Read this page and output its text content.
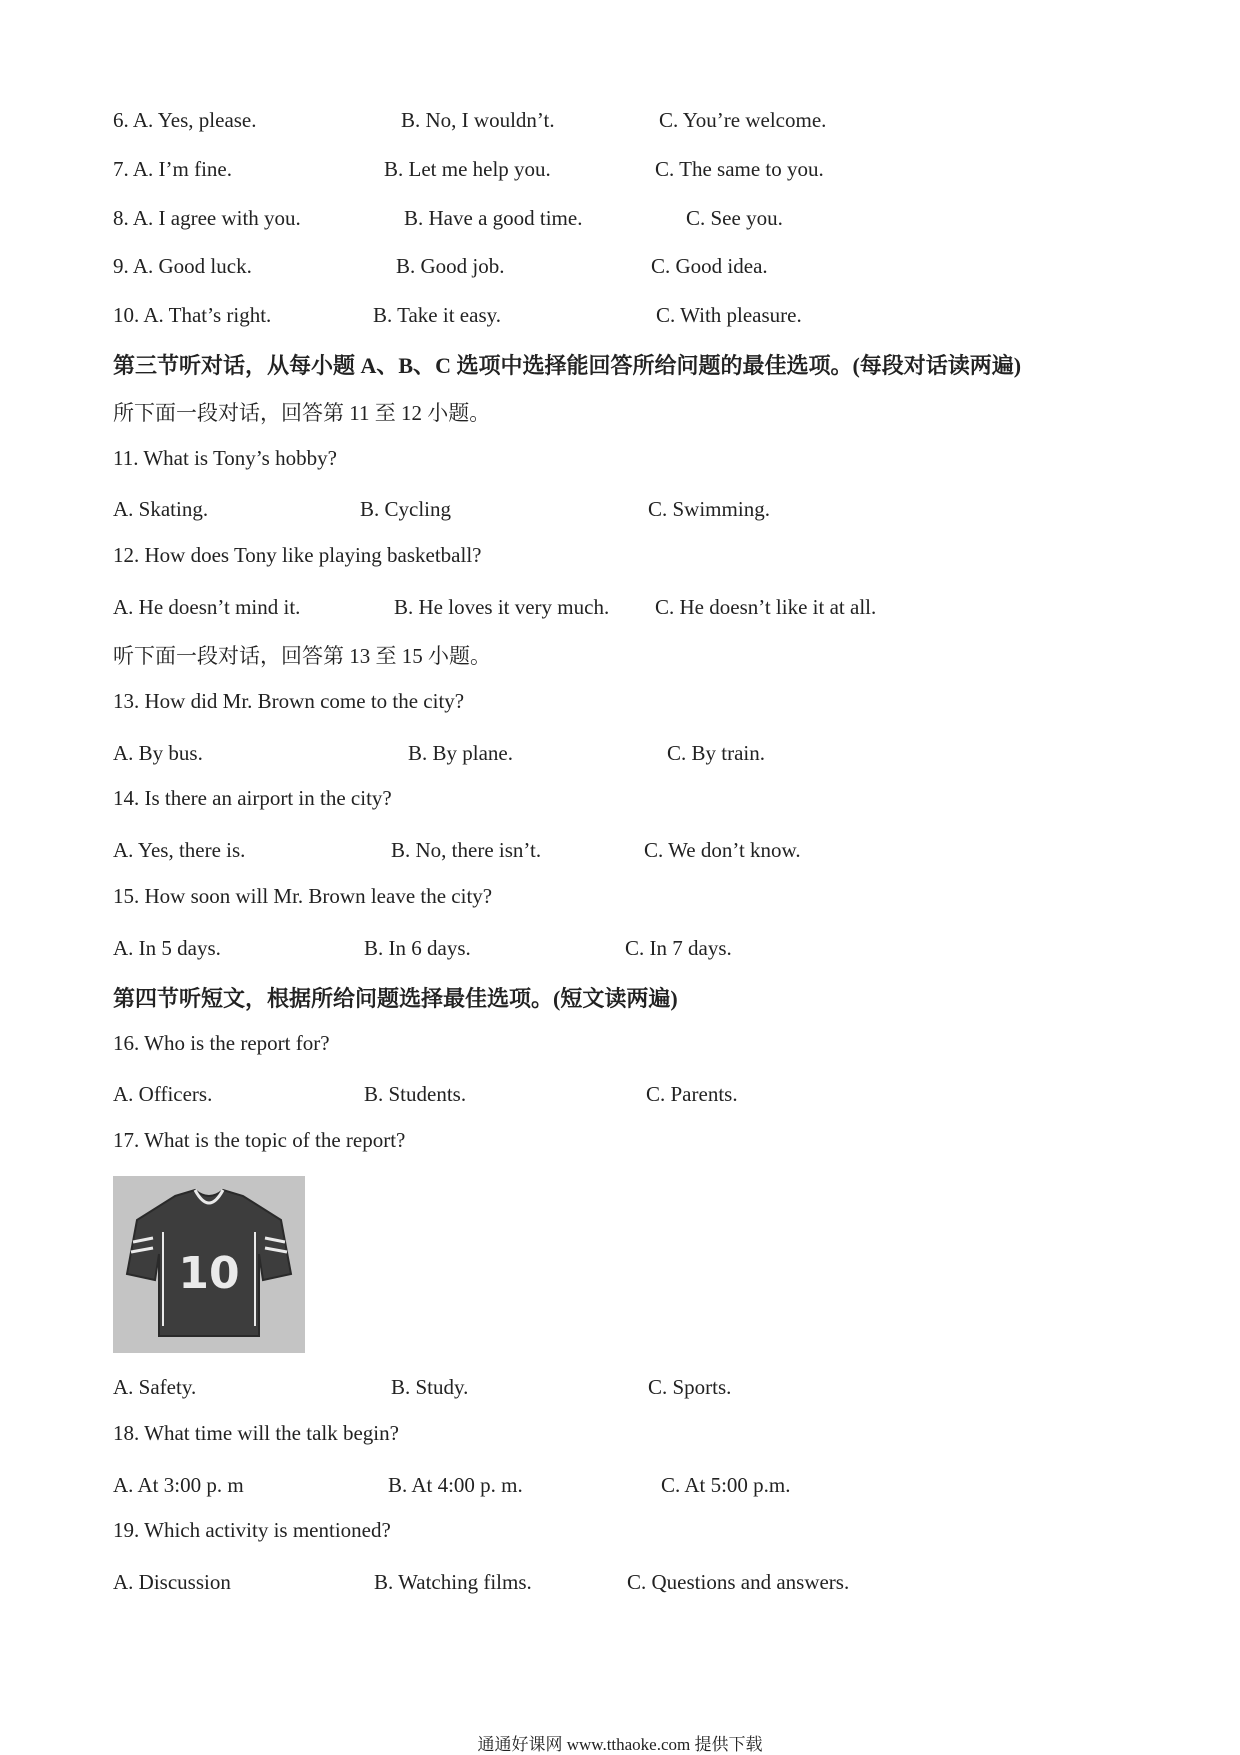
6. A. Yes, please.	B. No, I wouldn’t.	C. You’re welcome.
7. A. I’m fine.	B. Let me help you.	C. The same to you.
8. A. I agree with you.	B. Have a good time.	C. See you.
9. A. Good luck.	B. Good job.	C. Good idea.
10. A. That’s right.	B. Take it easy.	C. With pleasure.
第三节听对话，从每小题 A、B、C 选项中选择能回答所给问题的最佳选项。(每段对话读两遍)
所下面一段对话，回答第 11 至 12 小题。
11. What is Tony’s hobby?
A. Skating.	B. Cycling	C. Swimming.
12. How does Tony like playing basketball?
A. He doesn’t mind it.	B. He loves it very much. C. He doesn’t like it at all.
听下面一段对话，回答第 13 至 15 小题。
13. How did Mr. Brown come to the city?
A. By bus.	B. By plane.	C. By train.
14. Is there an airport in the city?
A. Yes, there is.	B. No, there isn’t.	C. We don’t know.
15. How soon will Mr. Brown leave the city?
A. In 5 days.	B. In 6 days.	C. In 7 days.
第四节听短文，根据所给问题选择最佳选项。(短文读两遍)
16. Who is the report for?
A. Officers.	B. Students.	C. Parents.
17. What is the topic of the report?
10
A. Safety.	B. Study.	C. Sports.
18. What time will the talk begin?
A. At 3:00 p. m	B. At 4:00 p. m.	C. At 5:00 p.m.
19. Which activity is mentioned?
A. Discussion	B. Watching films.	C. Questions and answers.
通通好课网 www.tthaoke.com 提供下载
